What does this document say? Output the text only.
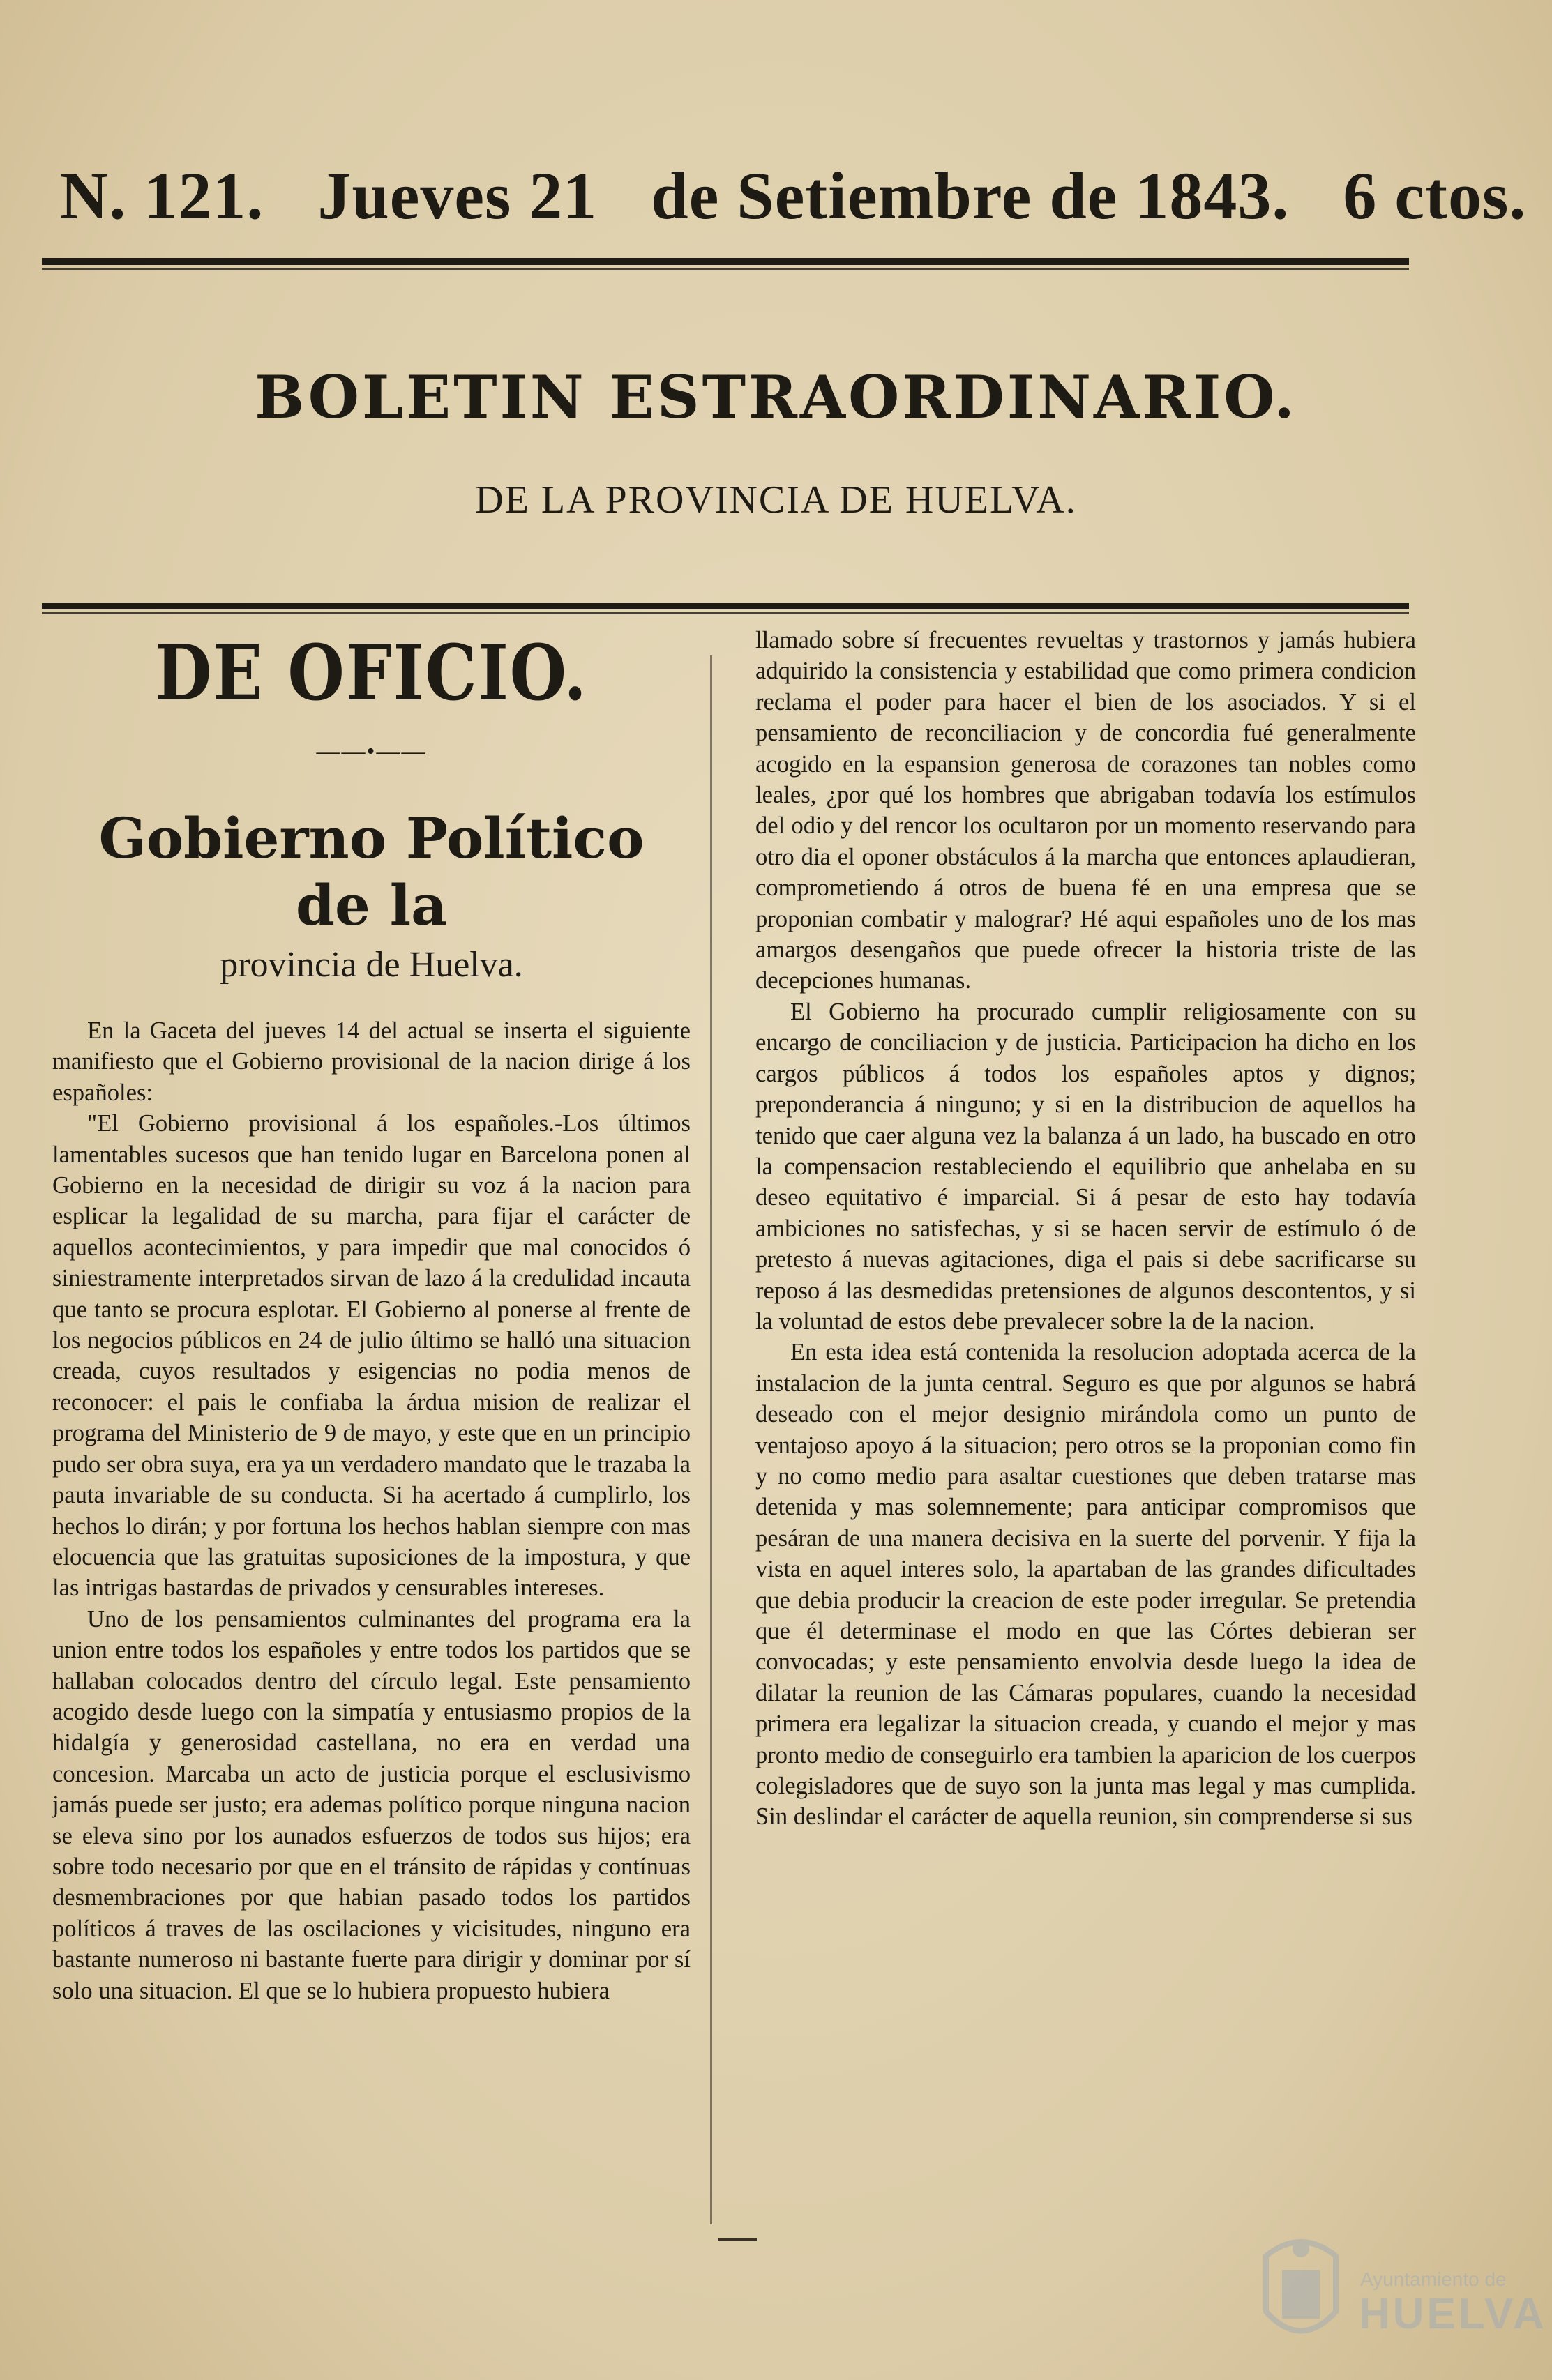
N. 121. Jueves 21 de Setiembre de 1843. 6 ctos.
BOLETIN ESTRAORDINARIO.
DE LA PROVINCIA DE HUELVA.
DE OFICIO.
——•——
Gobierno Político de la
provincia de Huelva.

En la Gaceta del jueves 14 del actual se inserta el siguiente manifiesto que el Gobierno provisional de la nacion dirige á los españoles:

"El Gobierno provisional á los españoles.-Los últimos lamentables sucesos que han tenido lugar en Barcelona ponen al Gobierno en la necesidad de dirigir su voz á la nacion para esplicar la legalidad de su marcha, para fijar el carácter de aquellos acontecimientos, y para impedir que mal conocidos ó siniestramente interpretados sirvan de lazo á la credulidad incauta que tanto se procura esplotar. El Gobierno al ponerse al frente de los negocios públicos en 24 de julio último se halló una situacion creada, cuyos resultados y esigencias no podia menos de reconocer: el pais le confiaba la árdua mision de realizar el programa del Ministerio de 9 de mayo, y este que en un principio pudo ser obra suya, era ya un verdadero mandato que le trazaba la pauta invariable de su conducta. Si ha acertado á cumplirlo, los hechos lo dirán; y por fortuna los hechos hablan siempre con mas elocuencia que las gratuitas suposiciones de la impostura, y que las intrigas bastardas de privados y censurables intereses.

Uno de los pensamientos culminantes del programa era la union entre todos los españoles y entre todos los partidos que se hallaban colocados dentro del círculo legal. Este pensamiento acogido desde luego con la simpatía y entusiasmo propios de la hidalgía y generosidad castellana, no era en verdad una concesion. Marcaba un acto de justicia porque el esclusivismo jamás puede ser justo; era ademas político porque ninguna nacion se eleva sino por los aunados esfuerzos de todos sus hijos; era sobre todo necesario por que en el tránsito de rápidas y contínuas desmembraciones por que habian pasado todos los partidos políticos á traves de las oscilaciones y vicisitudes, ninguno era bastante numeroso ni bastante fuerte para dirigir y dominar por sí solo una situacion. El que se lo hubiera propuesto hubiera

llamado sobre sí frecuentes revueltas y trastornos y jamás hubiera adquirido la consistencia y estabilidad que como primera condicion reclama el poder para hacer el bien de los asociados. Y si el pensamiento de reconciliacion y de concordia fué generalmente acogido en la espansion generosa de corazones tan nobles como leales, ¿por qué los hombres que abrigaban todavía los estímulos del odio y del rencor los ocultaron por un momento reservando para otro dia el oponer obstáculos á la marcha que entonces aplaudieran, comprometiendo á otros de buena fé en una empresa que se proponian combatir y malograr? Hé aqui españoles uno de los mas amargos desengaños que puede ofrecer la historia triste de las decepciones humanas.

El Gobierno ha procurado cumplir religiosamente con su encargo de conciliacion y de justicia. Participacion ha dicho en los cargos públicos á todos los españoles aptos y dignos; preponderancia á ninguno; y si en la distribucion de aquellos ha tenido que caer alguna vez la balanza á un lado, ha buscado en otro la compensacion restableciendo el equilibrio que anhelaba en su deseo equitativo é imparcial. Si á pesar de esto hay todavía ambiciones no satisfechas, y si se hacen servir de estímulo ó de pretesto á nuevas agitaciones, diga el pais si debe sacrificarse su reposo á las desmedidas pretensiones de algunos descontentos, y si la voluntad de estos debe prevalecer sobre la de la nacion.

En esta idea está contenida la resolucion adoptada acerca de la instalacion de la junta central. Seguro es que por algunos se habrá deseado con el mejor designio mirándola como un punto de ventajoso apoyo á la situacion; pero otros se la proponian como fin y no como medio para asaltar cuestiones que deben tratarse mas detenida y mas solemnemente; para anticipar compromisos que pesáran de una manera decisiva en la suerte del porvenir. Y fija la vista en aquel interes solo, la apartaban de las grandes dificultades que debia producir la creacion de este poder irregular. Se pretendia que él determinase el modo en que las Córtes debieran ser convocadas; y este pensamiento envolvia desde luego la idea de dilatar la reunion de las Cámaras populares, cuando la necesidad primera era legalizar la situacion creada, y cuando el mejor y mas pronto medio de conseguirlo era tambien la aparicion de los cuerpos colegisladores que de suyo son la junta mas legal y mas cumplida. Sin deslindar el carácter de aquella reunion, sin comprenderse si sus

Ayuntamiento de
HUELVA
